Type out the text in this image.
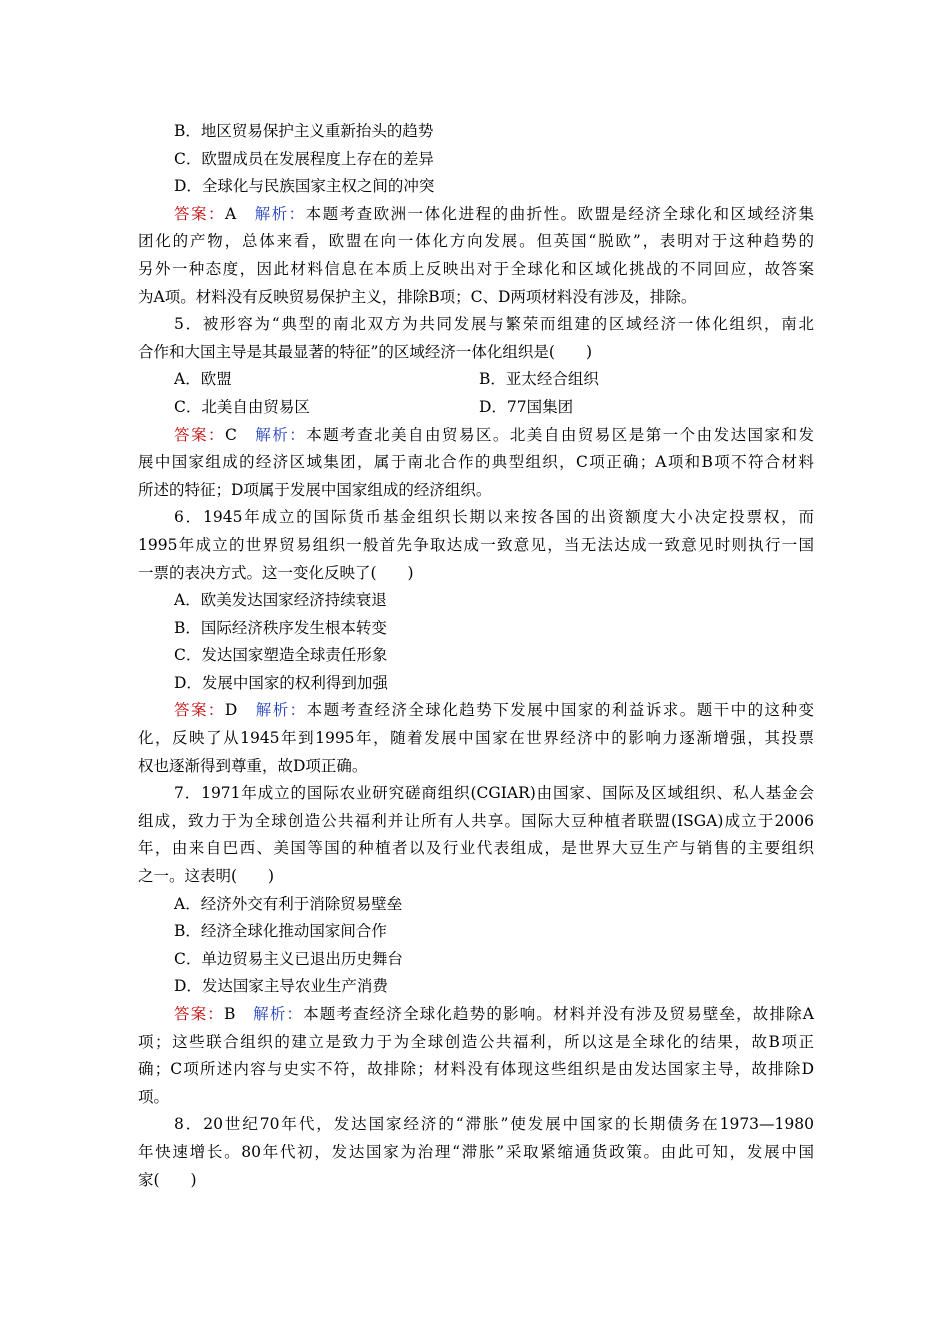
B．地区贸易保护主义重新抬头的趋势
C．欧盟成员在发展程度上存在的差异
D．全球化与民族国家主权之间的冲突
答案：A　 解析：本题考查欧洲一体化进程的曲折性。欧盟是经济全球化和区域经济集
团化的产物，总体来看，欧盟在向一体化方向发展。但英国“脱欧”，表明对于这种趋势的
另外一种态度，因此材料信息在本质上反映出对于全球化和区域化挑战的不同回应，故答案
为A项。材料没有反映贸易保护主义，排除B项；C、D两项材料没有涉及，排除。
5．被形容为“典型的南北双方为共同发展与繁荣而组建的区域经济一体化组织，南北
合作和大国主导是其最显著的特征”的区域经济一体化组织是(　　)
A．欧盟	B．亚太经合组织
C．北美自由贸易区	D．77国集团
答案：C　 解析：本题考查北美自由贸易区。北美自由贸易区是第一个由发达国家和发
展中国家组成的经济区域集团，属于南北合作的典型组织，C项正确；A项和B项不符合材料
所述的特征；D项属于发展中国家组成的经济组织。
6．1945年成立的国际货币基金组织长期以来按各国的出资额度大小决定投票权，而
1995年成立的世界贸易组织一般首先争取达成一致意见，当无法达成一致意见时则执行一国
一票的表决方式。这一变化反映了(　　)
A．欧美发达国家经济持续衰退
B．国际经济秩序发生根本转变
C．发达国家塑造全球责任形象
D．发展中国家的权利得到加强
答案：D　 解析：本题考查经济全球化趋势下发展中国家的利益诉求。题干中的这种变
化，反映了从1945年到1995年，随着发展中国家在世界经济中的影响力逐渐增强，其投票
权也逐渐得到尊重，故D项正确。
7．1971年成立的国际农业研究磋商组织(CGIAR)由国家、国际及区域组织、私人基金会
组成，致力于为全球创造公共福利并让所有人共享。国际大豆种植者联盟(ISGA)成立于2006
年，由来自巴西、美国等国的种植者以及行业代表组成，是世界大豆生产与销售的主要组织
之一。这表明(　　)
A．经济外交有利于消除贸易壁垒
B．经济全球化推动国家间合作
C．单边贸易主义已退出历史舞台
D．发达国家主导农业生产消费
答案：B　 解析：本题考查经济全球化趋势的影响。材料并没有涉及贸易壁垒，故排除A
项；这些联合组织的建立是致力于为全球创造公共福利，所以这是全球化的结果，故B项正
确；C项所述内容与史实不符，故排除；材料没有体现这些组织是由发达国家主导，故排除D
项。
8．20世纪70年代，发达国家经济的“滞胀”使发展中国家的长期债务在1973—1980
年快速增长。80年代初，发达国家为治理“滞胀”采取紧缩通货政策。由此可知，发展中国
家(　　)
